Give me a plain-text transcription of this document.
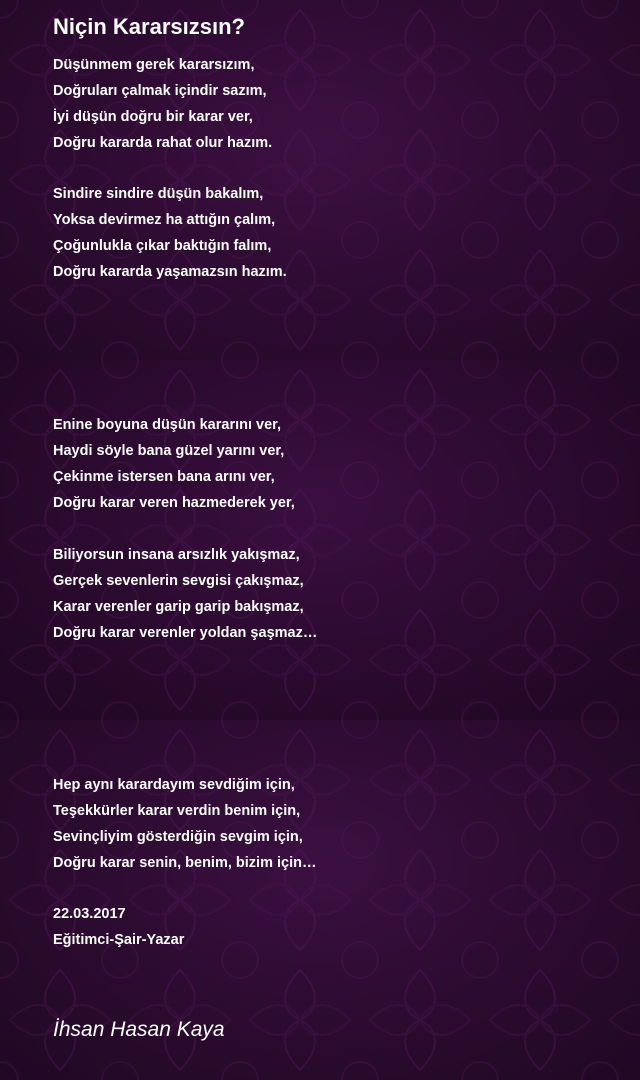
Niçin Kararsızsın?
Düşünmem gerek kararsızım,
Doğruları çalmak içindir sazım,
İyi düşün doğru bir karar ver,
Doğru kararda rahat olur hazım.
Sindire sindire düşün bakalım,
Yoksa devirmez ha attığın çalım,
Çoğunlukla çıkar baktığın falım,
Doğru kararda yaşamazsın hazım.
Enine boyuna düşün kararını ver,
Haydi söyle bana güzel yarını ver,
Çekinme istersen bana arını ver,
Doğru karar veren hazmederek yer,
Biliyorsun insana arsızlık yakışmaz,
Gerçek sevenlerin sevgisi çakışmaz,
Karar verenler garip garip bakışmaz,
Doğru karar verenler yoldan şaşmaz…
Hep aynı karardayım sevdiğim için,
Teşekkürler karar verdin benim için,
Sevinçliyim gösterdiğin sevgim için,
Doğru karar senin, benim, bizim için…
22.03.2017
Eğitimci-Şair-Yazar
İhsan Hasan Kaya
